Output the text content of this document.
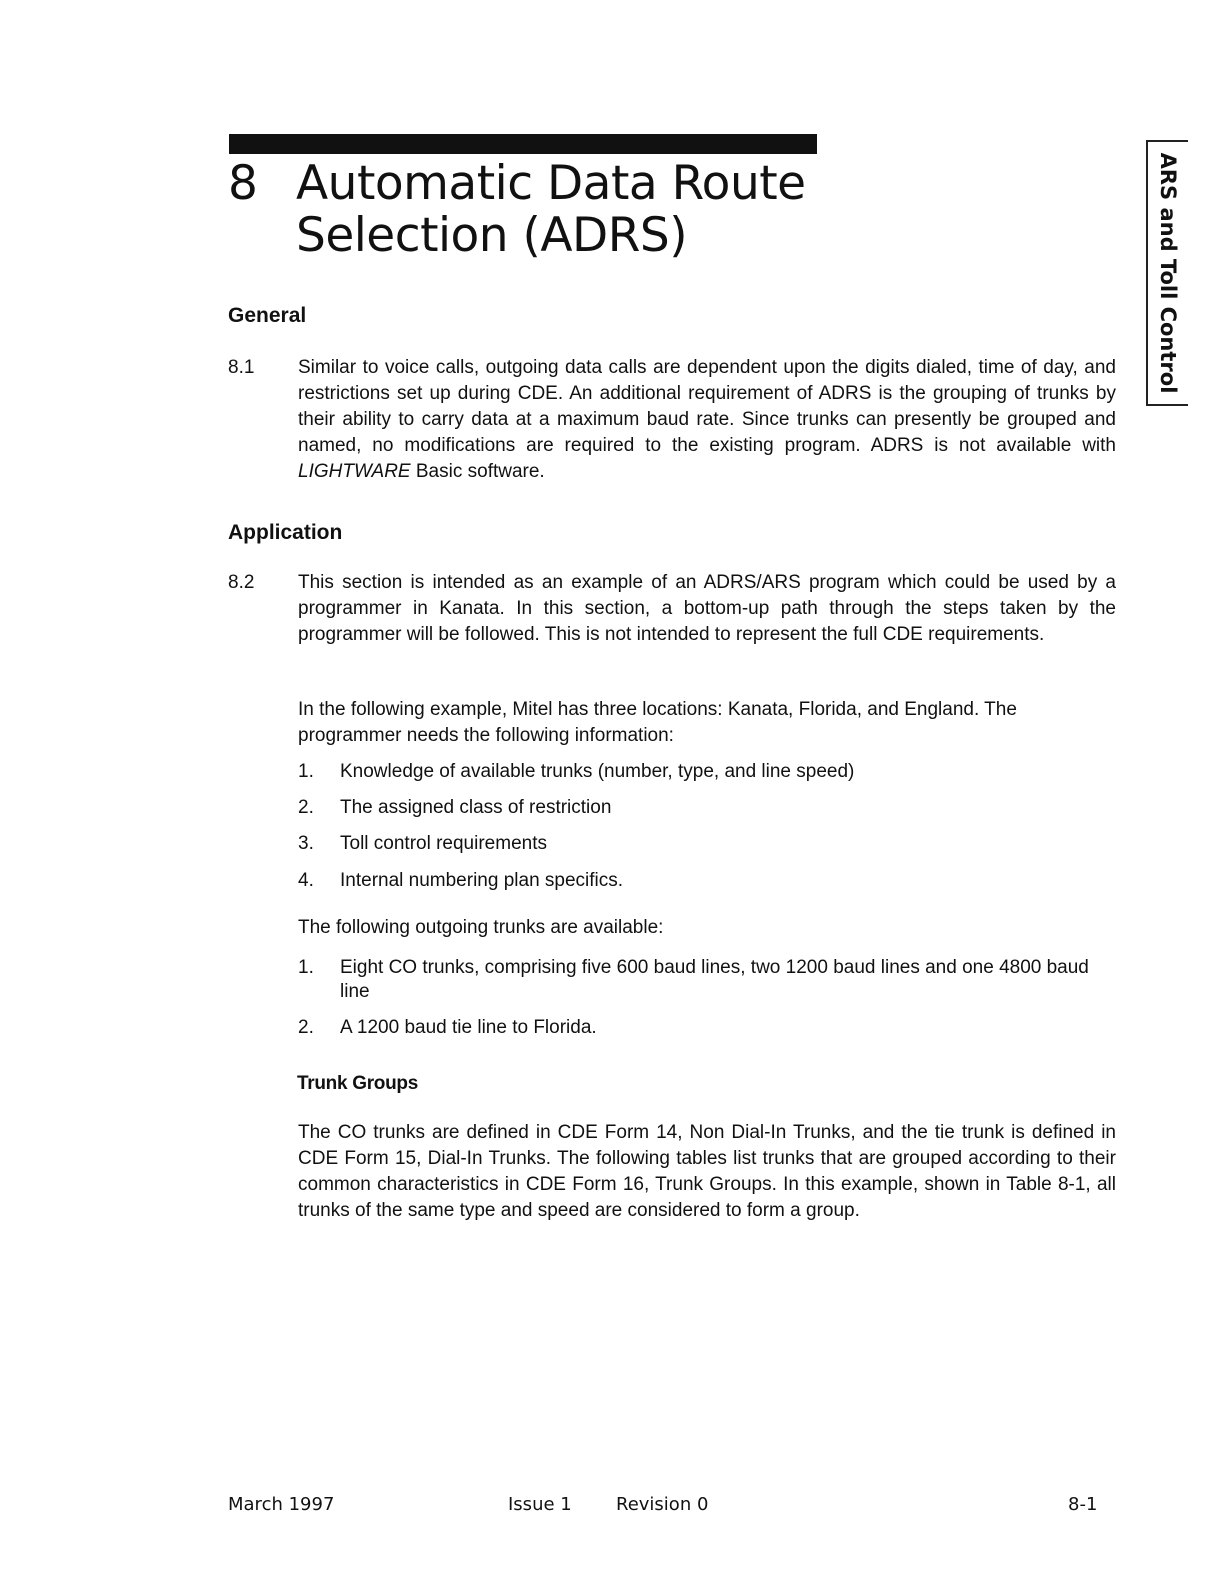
8 Automatic Data Route Selection (ADRS)	ARS and Toll Control
General
8.1 Similar to voice calls, outgoing data calls are dependent upon the digits dialed, time of day, and restrictions set up during CDE. An additional requirement of ADRS is the grouping of trunks by their ability to carry data at a maximum baud rate. Since trunks can presently be grouped and named, no modifications are required to the existing program. ADRS is not available with LIGHTWARE Basic software.
Application
8.2 This section is intended as an example of an ADRS/ARS program which could be used by a programmer in Kanata. In this section, a bottom-up path through the steps taken by the programmer will be followed. This is not intended to represent the full CDE requirements.
In the following example, Mitel has three locations: Kanata, Florida, and England. The programmer needs the following information:
1. Knowledge of available trunks (number, type, and line speed)
2. The assigned class of restriction
3. Toll control requirements
4. Internal numbering plan specifics.
The following outgoing trunks are available:
1. Eight CO trunks, comprising five 600 baud lines, two 1200 baud lines and one 4800 baud line
2. A 1200 baud tie line to Florida.
Trunk Groups
The CO trunks are defined in CDE Form 14, Non Dial-In Trunks, and the tie trunk is defined in CDE Form 15, Dial-In Trunks. The following tables list trunks that are grouped according to their common characteristics in CDE Form 16, Trunk Groups. In this example, shown in Table 8-1, all trunks of the same type and speed are considered to form a group.
March 1997	Issue 1 Revision 0	8-1
